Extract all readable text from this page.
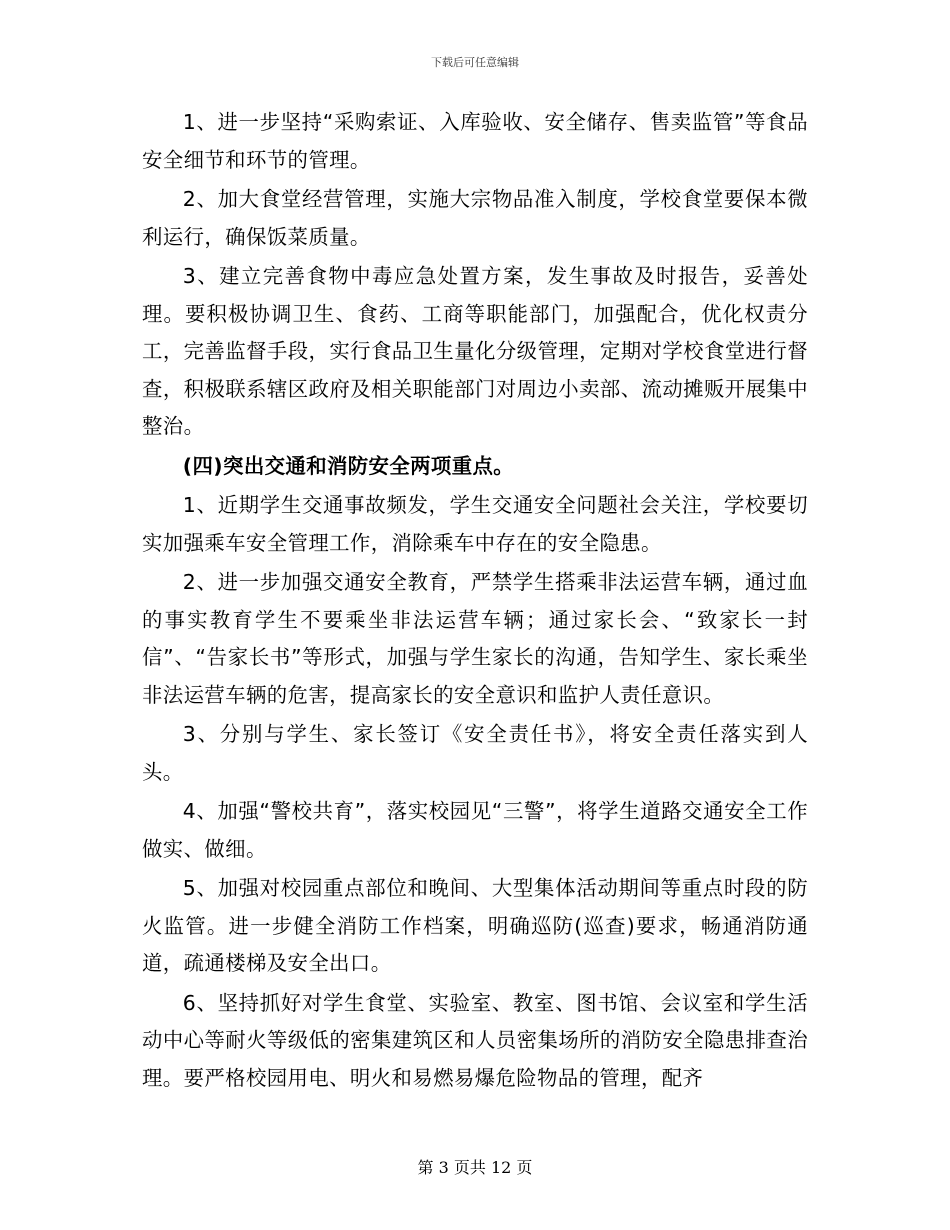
下载后可任意编辑

1、进一步坚持“采购索证、入库验收、安全储存、售卖监管”等食品安全细节和环节的管理。

2、加大食堂经营管理，实施大宗物品准入制度，学校食堂要保本微利运行，确保饭菜质量。

3、建立完善食物中毒应急处置方案，发生事故及时报告，妥善处理。要积极协调卫生、食药、工商等职能部门，加强配合，优化权责分工，完善监督手段，实行食品卫生量化分级管理，定期对学校食堂进行督查，积极联系辖区政府及相关职能部门对周边小卖部、流动摊贩开展集中整治。

(四)突出交通和消防安全两项重点。

1、近期学生交通事故频发，学生交通安全问题社会关注，学校要切实加强乘车安全管理工作，消除乘车中存在的安全隐患。

2、进一步加强交通安全教育，严禁学生搭乘非法运营车辆，通过血的事实教育学生不要乘坐非法运营车辆；通过家长会、“致家长一封信”、“告家长书”等形式，加强与学生家长的沟通，告知学生、家长乘坐非法运营车辆的危害，提高家长的安全意识和监护人责任意识。

3、分别与学生、家长签订《安全责任书》，将安全责任落实到人头。

4、加强“警校共育”，落实校园见“三警”，将学生道路交通安全工作做实、做细。

5、加强对校园重点部位和晚间、大型集体活动期间等重点时段的防火监管。进一步健全消防工作档案，明确巡防(巡查)要求，畅通消防通道，疏通楼梯及安全出口。

6、坚持抓好对学生食堂、实验室、教室、图书馆、会议室和学生活动中心等耐火等级低的密集建筑区和人员密集场所的消防安全隐患排查治理。要严格校园用电、明火和易燃易爆危险物品的管理，配齐

第 3 页共 12 页
